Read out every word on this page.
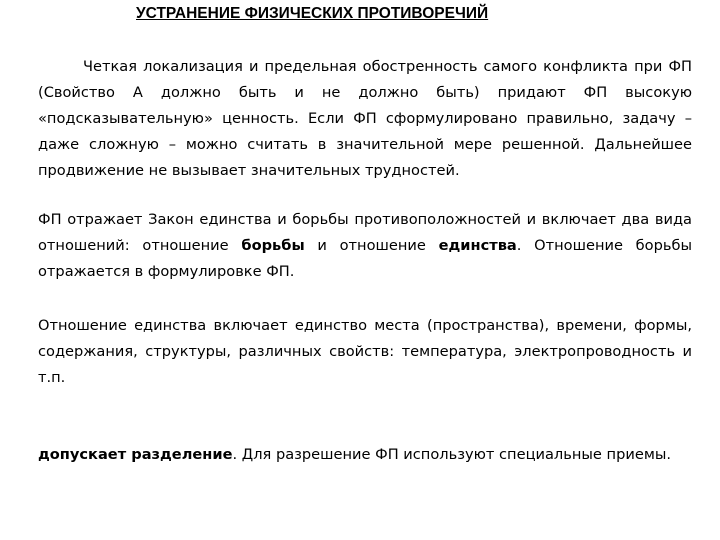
УСТРАНЕНИЕ ФИЗИЧЕСКИХ ПРОТИВОРЕЧИЙ
Четкая локализация и предельная обостренность самого конфликта при ФП (Свойство А должно быть и не должно быть) придают ФП высокую «подсказывательную» ценность. Если ФП сформулировано правильно, задачу – даже сложную – можно считать в значительной мере решенной. Дальнейшее продвижение не вызывает значительных трудностей.
ФП отражает Закон единства и борьбы противоположностей и включает два вида отношений: отношение борьбы и отношение единства. Отношение борьбы отражается в формулировке ФП.
Отношение единства включает единство места (пространства), времени, формы, содержания, структуры, различных свойств: температура, электропроводность и т.п.
допускает разделение. Для разрешение ФП используют специальные приемы.
